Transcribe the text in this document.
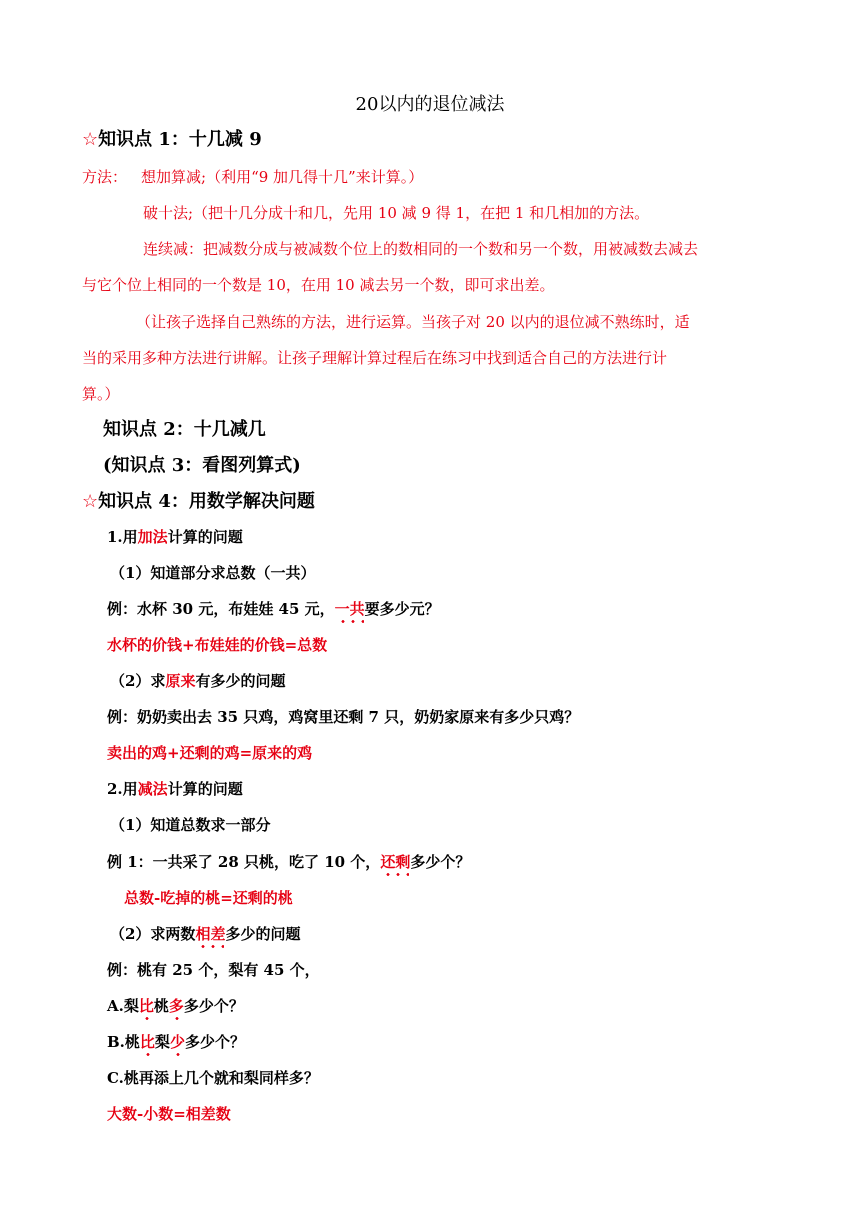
20以内的退位减法
☆知识点 1：十几减 9
方法： 想加算减;（利用“9 加几得十几”来计算。）
破十法;（把十几分成十和几，先用 10 减 9 得 1，在把 1 和几相加的方法。
连续减：把减数分成与被减数个位上的数相同的一个数和另一个数，用被减数去减去
与它个位上相同的一个数是 10，在用 10 减去另一个数，即可求出差。
（让孩子选择自己熟练的方法，进行运算。当孩子对 20 以内的退位减不熟练时，适
当的采用多种方法进行讲解。让孩子理解计算过程后在练习中找到适合自己的方法进行计
算。）
知识点 2：十几减几
(知识点 3：看图列算式)
☆知识点 4：用数学解决问题
1.用加法计算的问题
（1）知道部分求总数（一共）
例：水杯 30 元，布娃娃 45 元，一共要多少元？
水杯的价钱+布娃娃的价钱=总数
（2）求原来有多少的问题
例：奶奶卖出去 35 只鸡，鸡窝里还剩 7 只，奶奶家原来有多少只鸡？
卖出的鸡+还剩的鸡=原来的鸡
2.用减法计算的问题
（1）知道总数求一部分
例 1：一共采了 28 只桃，吃了 10 个，还剩多少个？
总数-吃掉的桃=还剩的桃
（2）求两数相差多少的问题
例：桃有 25 个，梨有 45 个，
A.梨比桃多多少个？
B.桃比梨少多少个？
C.桃再添上几个就和梨同样多？
大数-小数=相差数
